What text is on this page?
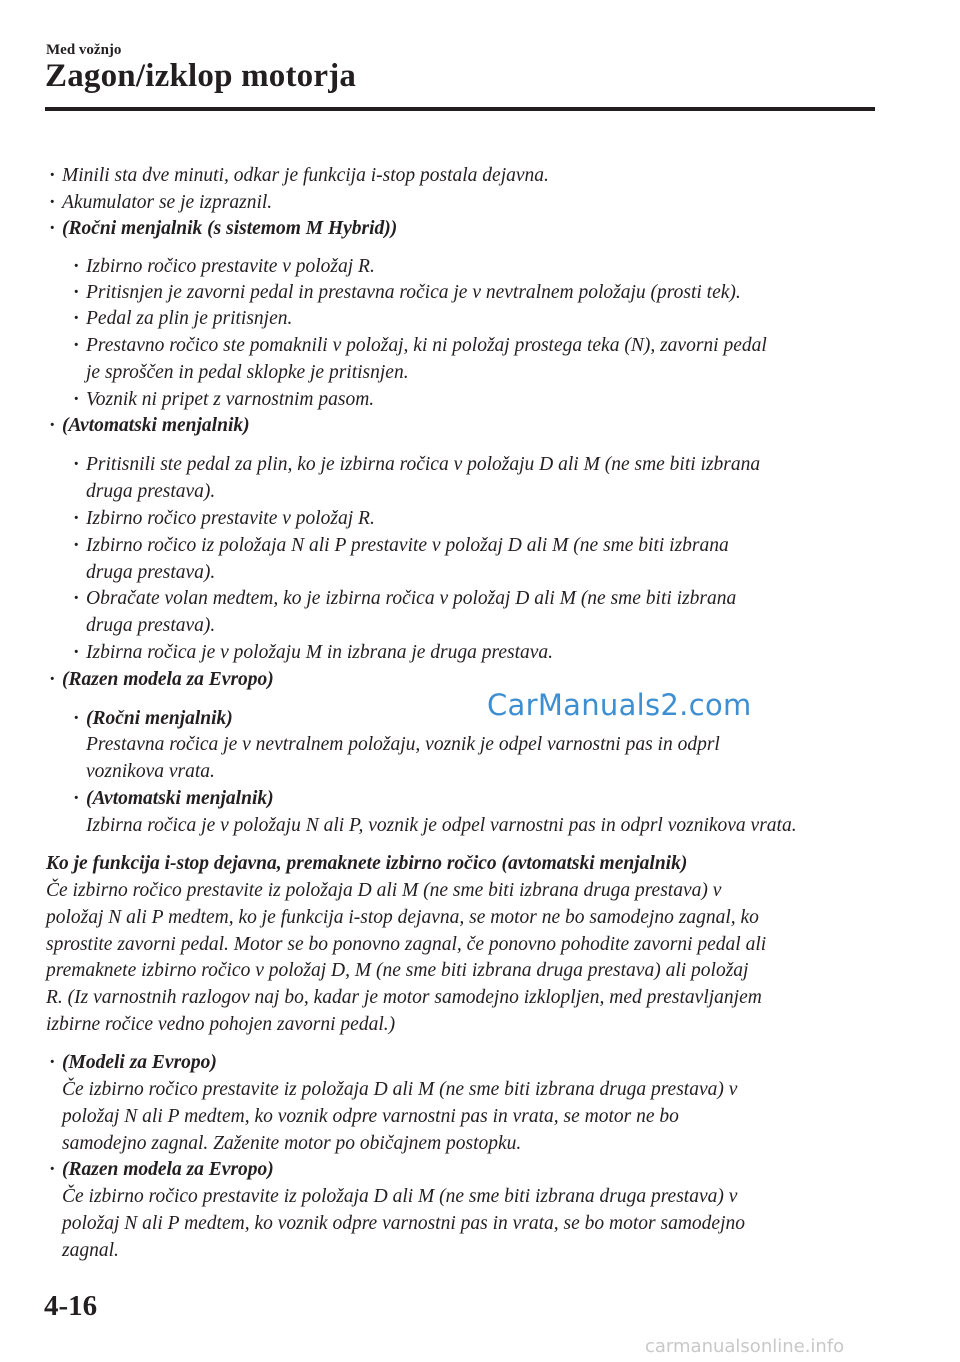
Med vožnjo
Zagon/izklop motorja
· Minili sta dve minuti, odkar je funkcija i-stop postala dejavna.
· Akumulator se je izpraznil.
· (Ročni menjalnik (s sistemom M Hybrid))
· Izbirno ročico prestavite v položaj R.
· Pritisnjen je zavorni pedal in prestavna ročica je v nevtralnem položaju (prosti tek).
· Pedal za plin je pritisnjen.
· Prestavno ročico ste pomaknili v položaj, ki ni položaj prostega teka (N), zavorni pedal
je sproščen in pedal sklopke je pritisnjen.
· Voznik ni pripet z varnostnim pasom.
· (Avtomatski menjalnik)
· Pritisnili ste pedal za plin, ko je izbirna ročica v položaju D ali M (ne sme biti izbrana
druga prestava).
· Izbirno ročico prestavite v položaj R.
· Izbirno ročico iz položaja N ali P prestavite v položaj D ali M (ne sme biti izbrana
druga prestava).
· Obračate volan medtem, ko je izbirna ročica v položaj D ali M (ne sme biti izbrana
druga prestava).
· Izbirna ročica je v položaju M in izbrana je druga prestava.
· (Razen modela za Evropo)
· (Ročni menjalnik)
Prestavna ročica je v nevtralnem položaju, voznik je odpel varnostni pas in odprl
voznikova vrata.
· (Avtomatski menjalnik)
Izbirna ročica je v položaju N ali P, voznik je odpel varnostni pas in odprl voznikova vrata.
Ko je funkcija i-stop dejavna, premaknete izbirno ročico (avtomatski menjalnik)
Če izbirno ročico prestavite iz položaja D ali M (ne sme biti izbrana druga prestava) v
položaj N ali P medtem, ko je funkcija i-stop dejavna, se motor ne bo samodejno zagnal, ko
sprostite zavorni pedal. Motor se bo ponovno zagnal, če ponovno pohodite zavorni pedal ali
premaknete izbirno ročico v položaj D, M (ne sme biti izbrana druga prestava) ali položaj
R. (Iz varnostnih razlogov naj bo, kadar je motor samodejno izklopljen, med prestavljanjem
izbirne ročice vedno pohojen zavorni pedal.)
· (Modeli za Evropo)
Če izbirno ročico prestavite iz položaja D ali M (ne sme biti izbrana druga prestava) v
položaj N ali P medtem, ko voznik odpre varnostni pas in vrata, se motor ne bo
samodejno zagnal. Zaženite motor po običajnem postopku.
· (Razen modela za Evropo)
Če izbirno ročico prestavite iz položaja D ali M (ne sme biti izbrana druga prestava) v
položaj N ali P medtem, ko voznik odpre varnostni pas in vrata, se bo motor samodejno
zagnal.
CarManuals2.com
4-16
carmanualsonline.info
